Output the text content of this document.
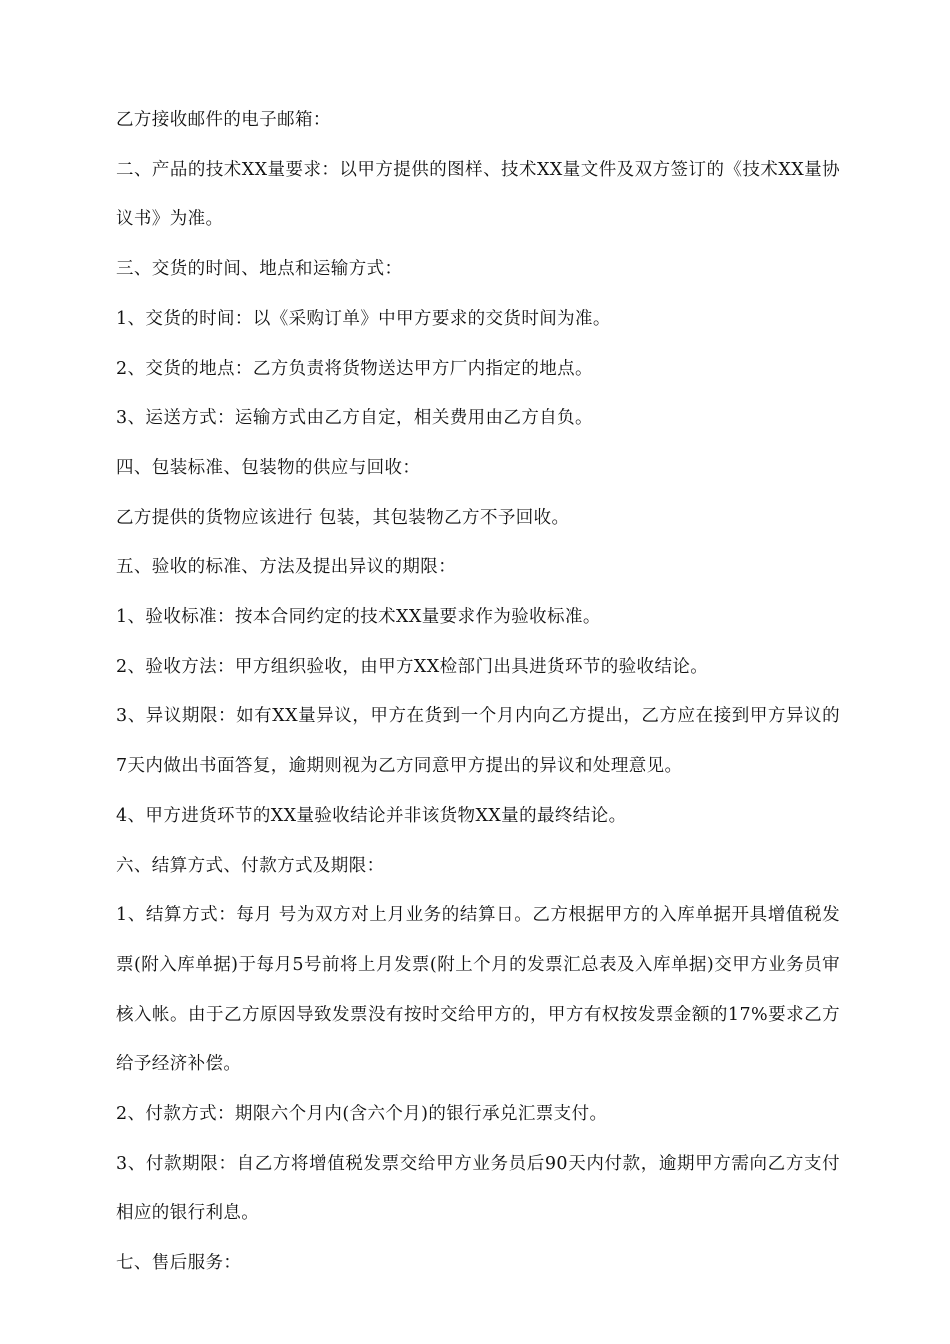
乙方接收邮件的电子邮箱：

二、产品的技术XX量要求：以甲方提供的图样、技术XX量文件及双方签订的《技术XX量协议书》为准。

三、交货的时间、地点和运输方式：

1、交货的时间：以《采购订单》中甲方要求的交货时间为准。

2、交货的地点：乙方负责将货物送达甲方厂内指定的地点。

3、运送方式：运输方式由乙方自定，相关费用由乙方自负。

四、包装标准、包装物的供应与回收：

乙方提供的货物应该进行 包装，其包装物乙方不予回收。

五、验收的标准、方法及提出异议的期限：

1、验收标准：按本合同约定的技术XX量要求作为验收标准。

2、验收方法：甲方组织验收，由甲方XX检部门出具进货环节的验收结论。

3、异议期限：如有XX量异议，甲方在货到一个月内向乙方提出，乙方应在接到甲方异议的7天内做出书面答复，逾期则视为乙方同意甲方提出的异议和处理意见。

4、甲方进货环节的XX量验收结论并非该货物XX量的最终结论。

六、结算方式、付款方式及期限：

1、结算方式：每月 号为双方对上月业务的结算日。乙方根据甲方的入库单据开具增值税发票(附入库单据)于每月5号前将上月发票(附上个月的发票汇总表及入库单据)交甲方业务员审核入帐。由于乙方原因导致发票没有按时交给甲方的，甲方有权按发票金额的17%要求乙方给予经济补偿。

2、付款方式：期限六个月内(含六个月)的银行承兑汇票支付。

3、付款期限：自乙方将增值税发票交给甲方业务员后90天内付款，逾期甲方需向乙方支付相应的银行利息。

七、售后服务：
